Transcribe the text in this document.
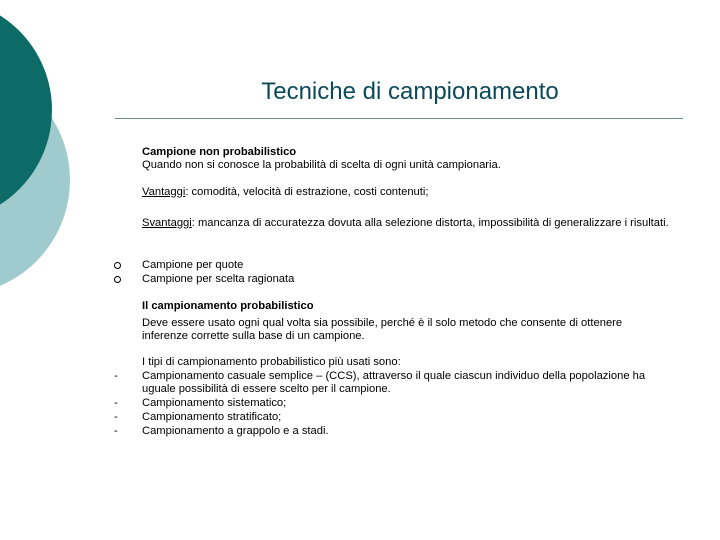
Tecniche di campionamento
Campione non probabilistico
Quando non si conosce la probabilità di scelta di ogni unità campionaria.
Vantaggi: comodità, velocità di estrazione, costi contenuti;
Svantaggi: mancanza di accuratezza dovuta alla selezione distorta, impossibilità di generalizzare i risultati.
Campione per quote
Campione per scelta ragionata
Il campionamento probabilistico
Deve essere usato ogni qual volta sia possibile, perché è il solo metodo che consente di ottenere inferenze corrette sulla base di un campione.
I tipi di campionamento probabilistico più usati sono:
-	Campionamento casuale semplice – (CCS), attraverso il quale ciascun individuo della popolazione ha uguale possibilità di essere scelto per il campione.
-	Campionamento sistematico;
-	Campionamento stratificato;
-	Campionamento a grappolo e a stadi.
